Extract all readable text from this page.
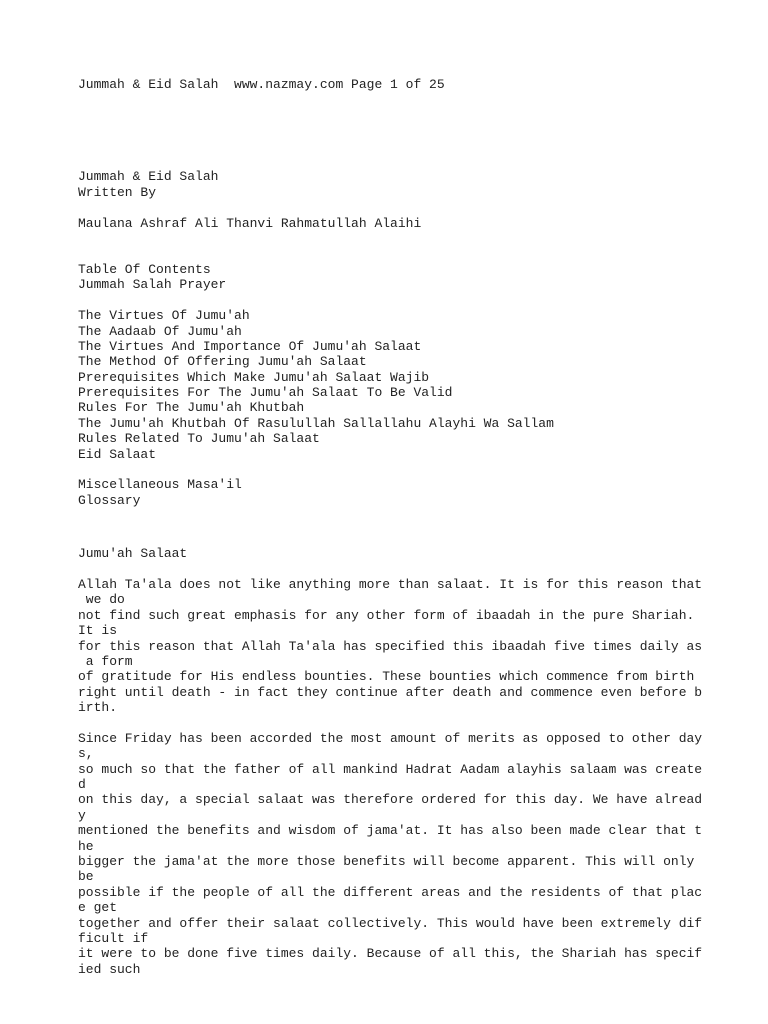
Jummah & Eid Salah  www.nazmay.com Page 1 of 25
Jummah & Eid Salah
Written By
Maulana Ashraf Ali Thanvi Rahmatullah Alaihi
Table Of Contents
Jummah Salah Prayer
The Virtues Of Jumu'ah
The Aadaab Of Jumu'ah
The Virtues And Importance Of Jumu'ah Salaat
The Method Of Offering Jumu'ah Salaat
Prerequisites Which Make Jumu'ah Salaat Wajib
Prerequisites For The Jumu'ah Salaat To Be Valid
Rules For The Jumu'ah Khutbah
The Jumu'ah Khutbah Of Rasulullah Sallallahu Alayhi Wa Sallam
Rules Related To Jumu'ah Salaat
Eid Salaat
Miscellaneous Masa'il
Glossary
Jumu'ah Salaat
Allah Ta'ala does not like anything more than salaat. It is for this reason that
we do
not find such great emphasis for any other form of ibaadah in the pure Shariah.
It is
for this reason that Allah Ta'ala has specified this ibaadah five times daily as
a form
of gratitude for His endless bounties. These bounties which commence from birth
right until death - in fact they continue after death and commence even before b
irth.
Since Friday has been accorded the most amount of merits as opposed to other day
s,
so much so that the father of all mankind Hadrat Aadam alayhis salaam was create
d
on this day, a special salaat was therefore ordered for this day. We have alread
y
mentioned the benefits and wisdom of jama'at. It has also been made clear that t
he
bigger the jama'at the more those benefits will become apparent. This will only
be
possible if the people of all the different areas and the residents of that plac
e get
together and offer their salaat collectively. This would have been extremely dif
ficult if
it were to be done five times daily. Because of all this, the Shariah has specif
ied such
